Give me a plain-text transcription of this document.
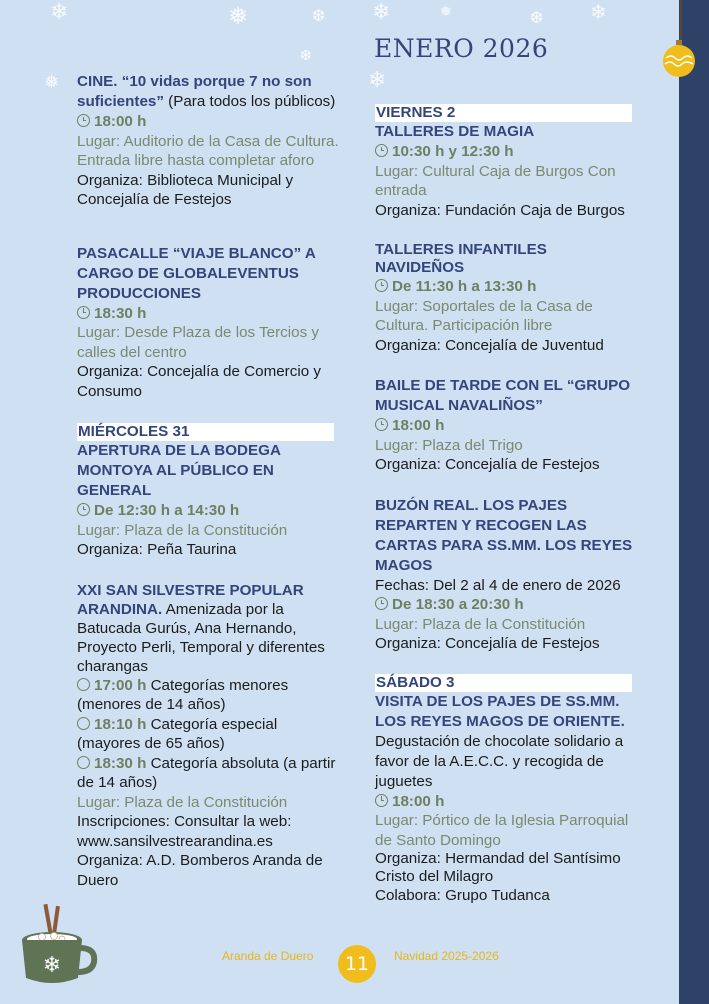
❄	❅	❆ ❄	❅	❆ ❄
❅	❄
❆ ENERO 2026
CINE. “10 vidas porque 7 no son suficientes” (Para todos los públicos)
18:00 h
Lugar: Auditorio de la Casa de Cultura. Entrada libre hasta completar aforo
Organiza: Biblioteca Municipal y Concejalía de Festejos
PASACALLE “VIAJE BLANCO” A CARGO DE GLOBALEVENTUS PRODUCCIONES
18:30 h
Lugar: Desde Plaza de los Tercios y calles del centro
Organiza: Concejalía de Comercio y Consumo
MIÉRCOLES 31
APERTURA DE LA BODEGA MONTOYA AL PÚBLICO EN GENERAL
De 12:30 h a 14:30 h
Lugar: Plaza de la Constitución
Organiza: Peña Taurina
XXI SAN SILVESTRE POPULAR ARANDINA. Amenizada por la Batucada Gurús, Ana Hernando, Proyecto Perli, Temporal y diferentes charangas
17:00 h Categorías menores (menores de 14 años)
18:10 h Categoría especial (mayores de 65 años)
18:30 h Categoría absoluta (a partir de 14 años)
Lugar: Plaza de la Constitución
Inscripciones: Consultar la web: www.sansilvestrearandina.es
Organiza: A.D. Bomberos Aranda de Duero
VIERNES 2
TALLERES DE MAGIA
10:30 h y 12:30 h
Lugar: Cultural Caja de Burgos Con entrada
Organiza: Fundación Caja de Burgos
TALLERES INFANTILES NAVIDEÑOS
De 11:30 h a 13:30 h
Lugar: Soportales de la Casa de Cultura. Participación libre
Organiza: Concejalía de Juventud
BAILE DE TARDE CON EL “GRUPO MUSICAL NAVALIÑOS”
18:00 h
Lugar: Plaza del Trigo
Organiza: Concejalía de Festejos
BUZÓN REAL. LOS PAJES REPARTEN Y RECOGEN LAS CARTAS PARA SS.MM. LOS REYES MAGOS
Fechas: Del 2 al 4 de enero de 2026
De 18:30 a 20:30 h
Lugar: Plaza de la Constitución
Organiza: Concejalía de Festejos
SÁBADO 3
VISITA DE LOS PAJES DE SS.MM. LOS REYES MAGOS DE ORIENTE. Degustación de chocolate solidario a favor de la A.E.C.C. y recogida de juguetes
18:00 h
Lugar: Pórtico de la Iglesia Parroquial de Santo Domingo
Organiza: Hermandad del Santísimo Cristo del Milagro
Colabora: Grupo Tudanca
❄	Aranda de Duero	11	Navidad 2025-2026
